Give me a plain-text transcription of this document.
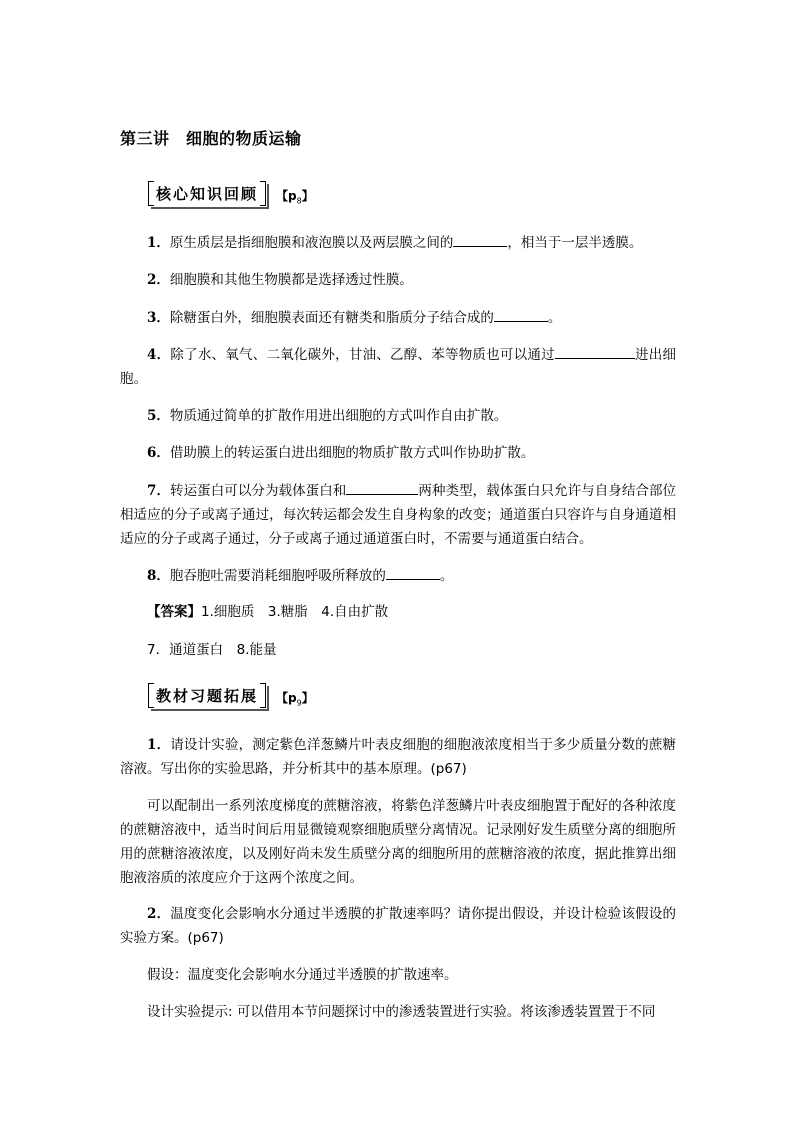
第三讲　细胞的物质运输
核心知识回顾	【$p_8$】
1．原生质层是指细胞膜和液泡膜以及两层膜之间的	，相当于一层半透膜。
2．细胞膜和其他生物膜都是选择透过性膜。
3．除糖蛋白外，细胞膜表面还有糖类和脂质分子结合成的	。
4．除了水、氧气、二氧化碳外，甘油、乙醇、苯等物质也可以通过	进出细胞。
5．物质通过简单的扩散作用进出细胞的方式叫作自由扩散。
6．借助膜上的转运蛋白进出细胞的物质扩散方式叫作协助扩散。
7．转运蛋白可以分为载体蛋白和	两种类型，载体蛋白只允许与自身结合部位相适应的分子或离子通过，每次转运都会发生自身构象的改变；通道蛋白只容许与自身通道相适应的分子或离子通过，分子或离子通过通道蛋白时，不需要与通道蛋白结合。
8．胞吞胞吐需要消耗细胞呼吸所释放的	。
【答案】1.细胞质　3.糖脂　4.自由扩散
7．通道蛋白　8.能量
教材习题拓展	【$p_9$】
1．请设计实验，测定紫色洋葱鳞片叶表皮细胞的细胞液浓度相当于多少质量分数的蔗糖溶液。写出你的实验思路，并分析其中的基本原理。(p67)
可以配制出一系列浓度梯度的蔗糖溶液，将紫色洋葱鳞片叶表皮细胞置于配好的各种浓度的蔗糖溶液中，适当时间后用显微镜观察细胞质壁分离情况。记录刚好发生质壁分离的细胞所用的蔗糖溶液浓度，以及刚好尚未发生质壁分离的细胞所用的蔗糖溶液的浓度，据此推算出细胞液溶质的浓度应介于这两个浓度之间。
2．温度变化会影响水分通过半透膜的扩散速率吗？请你提出假设，并设计检验该假设的实验方案。(p67)
假设：温度变化会影响水分通过半透膜的扩散速率。
设计实验提示: 可以借用本节问题探讨中的渗透装置进行实验。将该渗透装置置于不同
